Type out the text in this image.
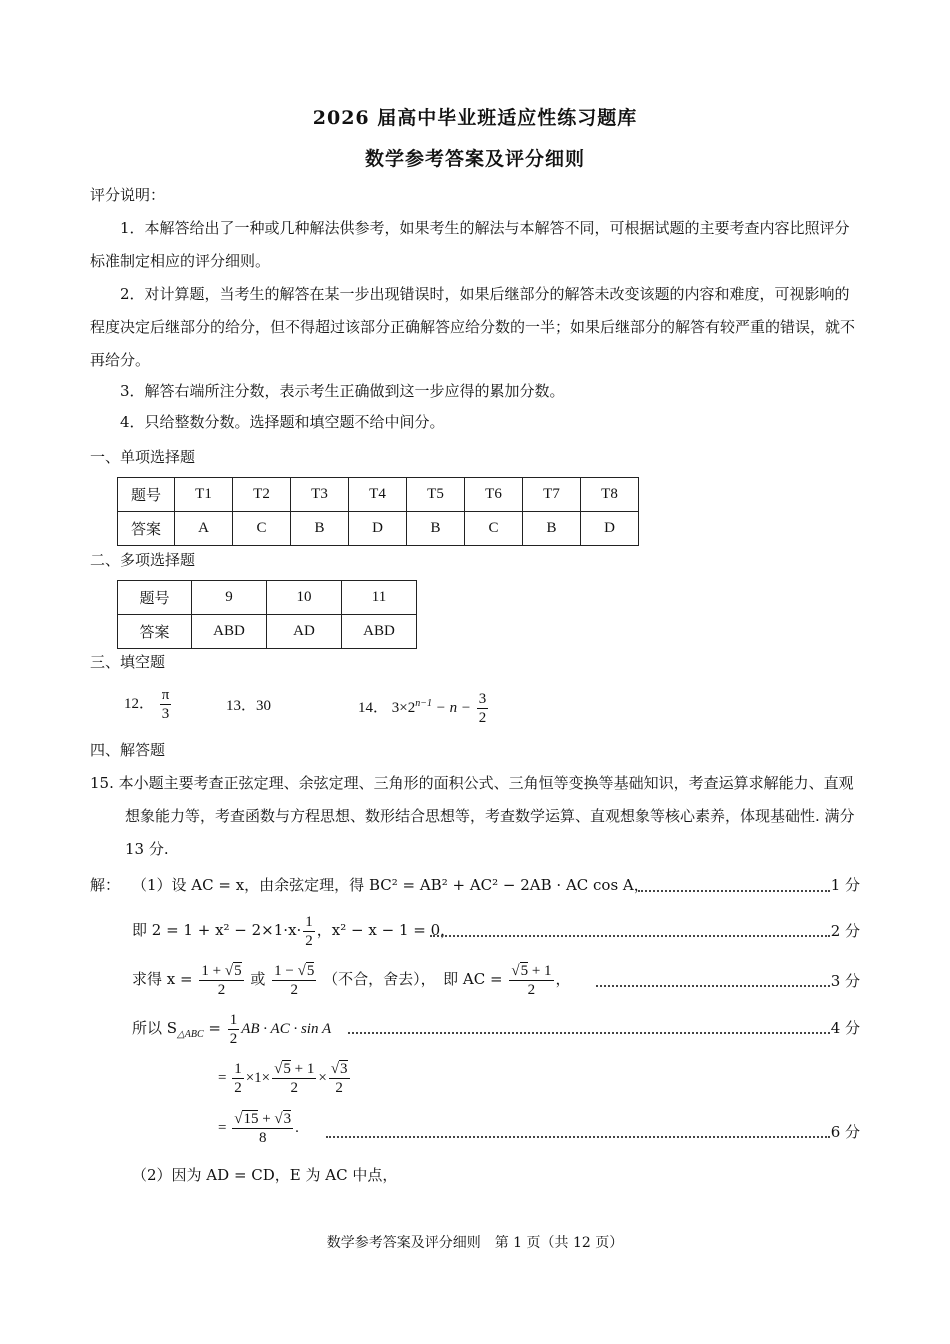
2026 届高中毕业班适应性练习题库
数学参考答案及评分细则
评分说明：
1．本解答给出了一种或几种解法供参考，如果考生的解法与本解答不同，可根据试题的主要考查内容比照评分标准制定相应的评分细则。
2．对计算题，当考生的解答在某一步出现错误时，如果后继部分的解答未改变该题的内容和难度，可视影响的程度决定后继部分的给分，但不得超过该部分正确解答应给分数的一半；如果后继部分的解答有较严重的错误，就不再给分。
3．解答右端所注分数，表示考生正确做到这一步应得的累加分数。
4．只给整数分数。选择题和填空题不给中间分。
一、单项选择题
题号	T1	T2	T3	T4	T5	T6	T7	T8
答案	A	C	B	D	B	C	B	D
二、多项选择题
题号	9	10	11
答案	ABD	AD	ABD
三、填空题
12． $\frac{\pi}{3}$	13．30	14． $3\times 2^{n-1} - n - \frac{3}{2}$
四、解答题
15. 本小题主要考查正弦定理、余弦定理、三角形的面积公式、三角恒等变换等基础知识，考查运算求解能力、直观想象能力等，考查函数与方程思想、数形结合思想等，考查数学运算、直观想象等核心素养，体现基础性. 满分 13 分.
解： （1）设 AC = x，由余弦定理，得 BC² = AB² + AC² − 2AB · AC cos A，	1 分
即 $2 = 1 + x^2 - 2\times 1\cdot x\cdot \frac{1}{2}$ ，x² − x − 1 = 0，	2 分
求得 $x = \frac{1 + √5}{2}$ 或 $\frac{1 - √5}{2}$ （不合，舍去），　即 AC = $\frac{√5 + 1}{2}$ ，	3 分
所以 $S_{\triangle ABC} = \frac{1}{2}$ AB · AC · sin A	4 分
= $\frac{1}{2} \times 1\times \frac{√5 + 1}{2} \times \frac{√3}{2}$
= $\frac{√15 + √3}{8}$ .	6 分
（2）因为 AD = CD，E 为 AC 中点，
数学参考答案及评分细则　第 1 页（共 12 页）
